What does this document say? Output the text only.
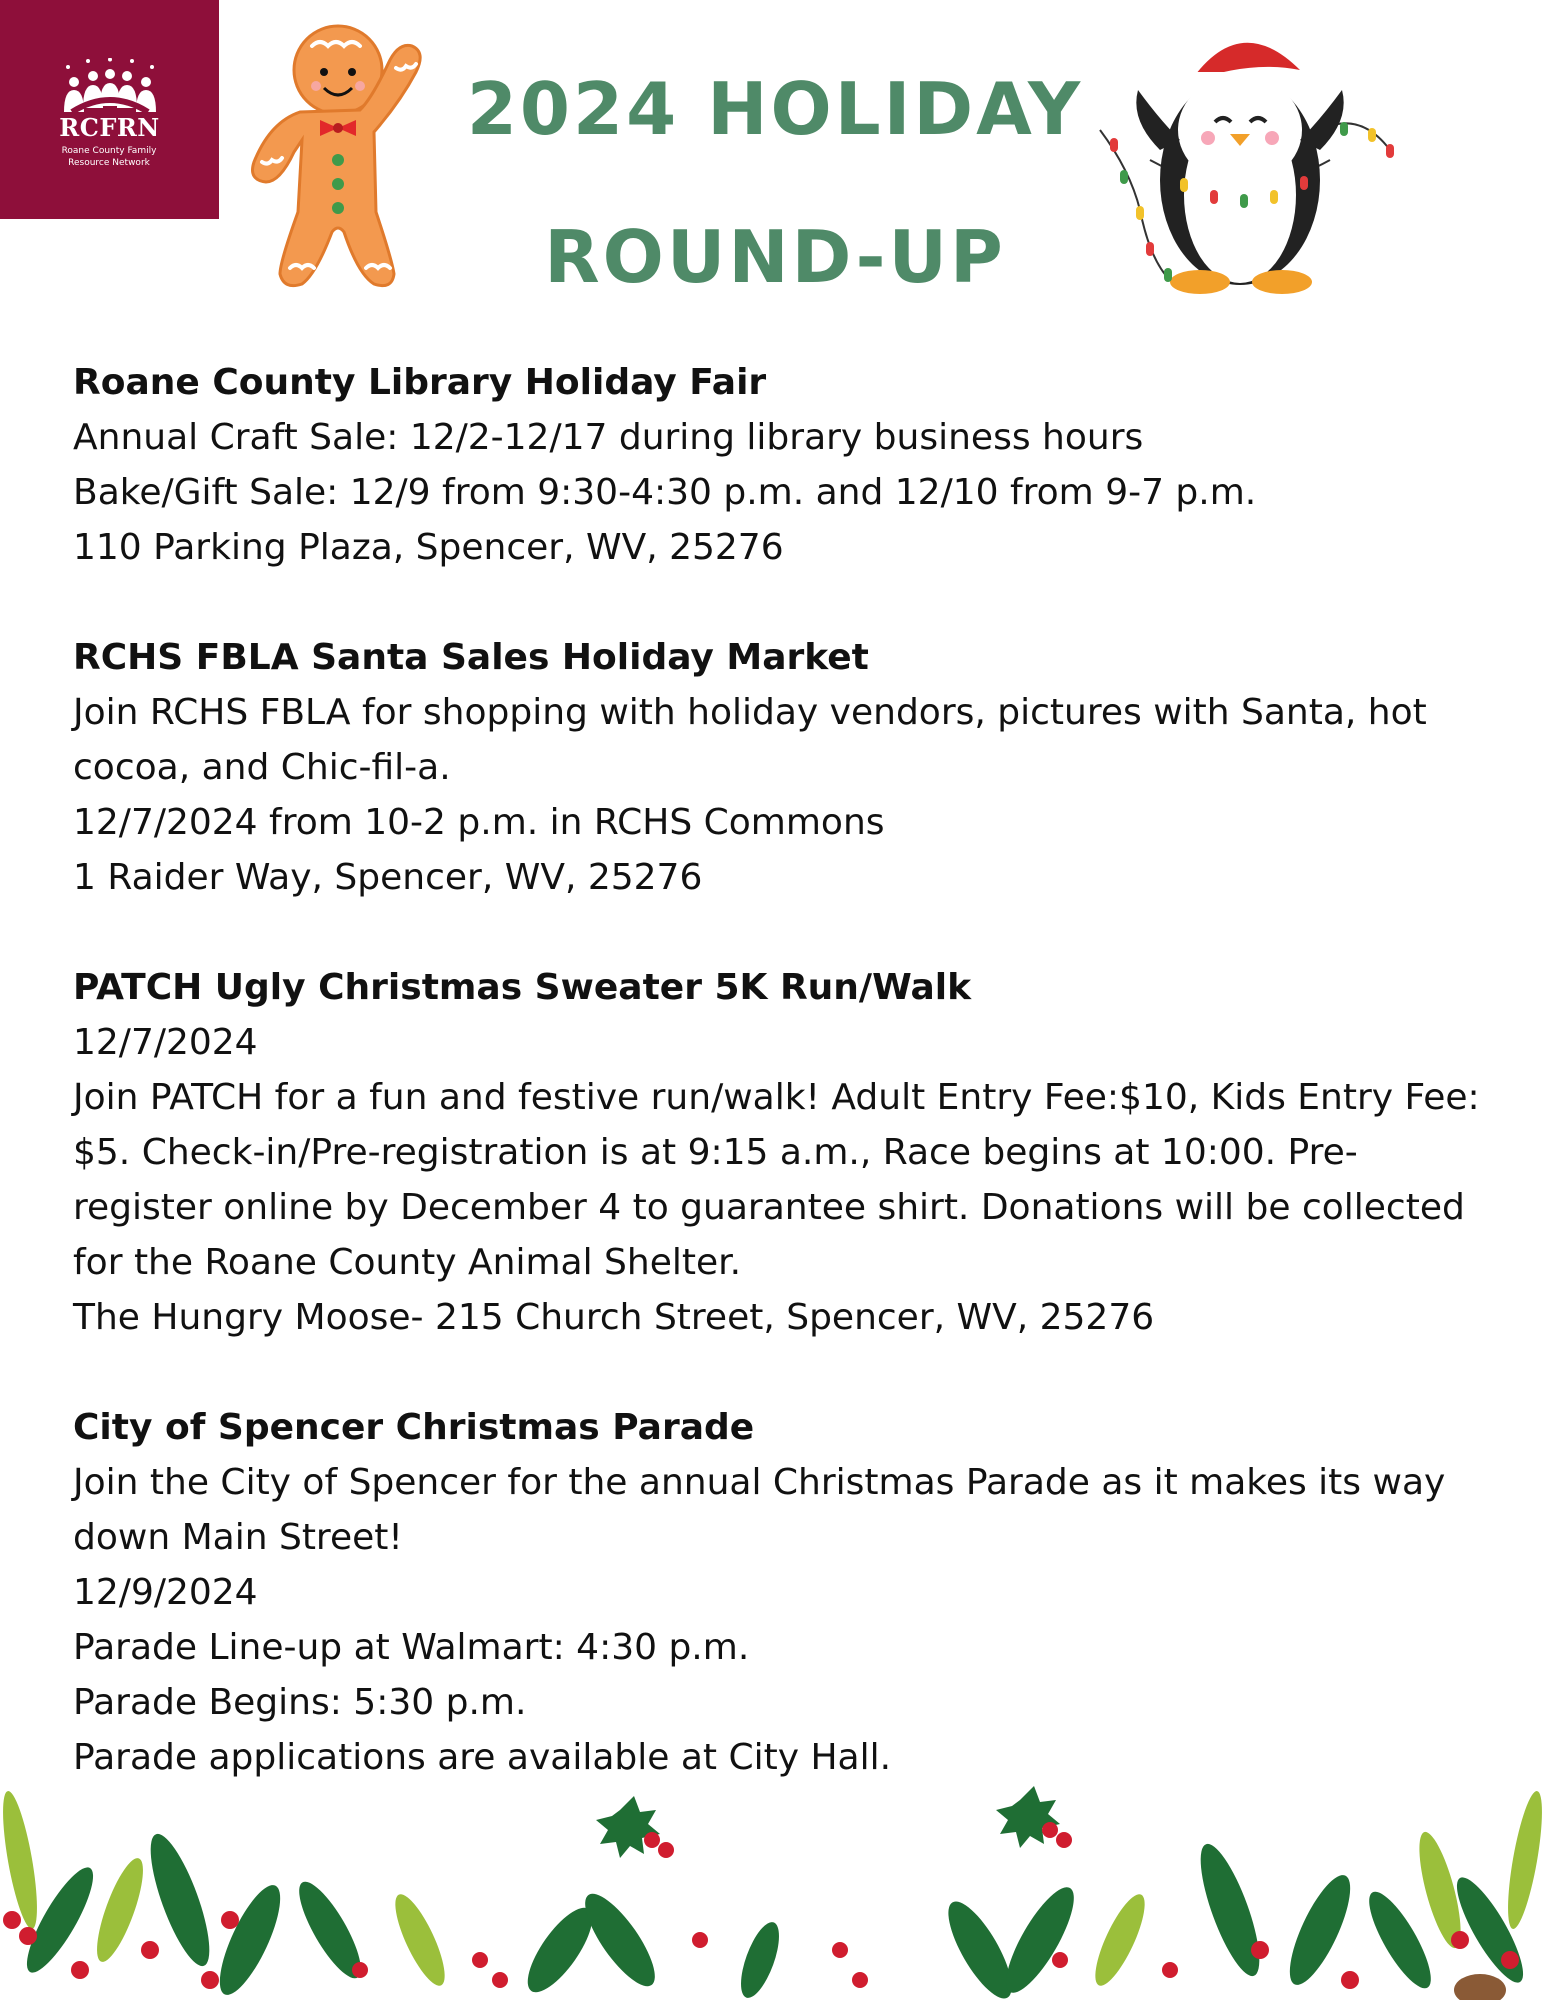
RCFRN
Roane County Family Resource Network
2024 HOLIDAY
ROUND-UP
Roane County Library Holiday Fair

Annual Craft Sale: 12/2-12/17 during library business hours

Bake/Gift Sale: 12/9 from 9:30-4:30 p.m. and 12/10 from 9-7 p.m.

110 Parking Plaza, Spencer, WV, 25276

RCHS FBLA Santa Sales Holiday Market

Join RCHS FBLA for shopping with holiday vendors, pictures with Santa, hot cocoa, and Chic-fil-a.

12/7/2024 from 10-2 p.m. in RCHS Commons

1 Raider Way, Spencer, WV, 25276

PATCH Ugly Christmas Sweater 5K Run/Walk

12/7/2024

Join PATCH for a fun and festive run/walk! Adult Entry Fee:$10, Kids Entry Fee: $5. Check-in/Pre-registration is at 9:15 a.m., Race begins at 10:00. Pre-register online by December 4 to guarantee shirt. Donations will be collected for the Roane County Animal Shelter.

The Hungry Moose- 215 Church Street, Spencer, WV, 25276

City of Spencer Christmas Parade

Join the City of Spencer for the annual Christmas Parade as it makes its way down Main Street!

12/9/2024

Parade Line-up at Walmart: 4:30 p.m.

Parade Begins: 5:30 p.m.

Parade applications are available at City Hall.
